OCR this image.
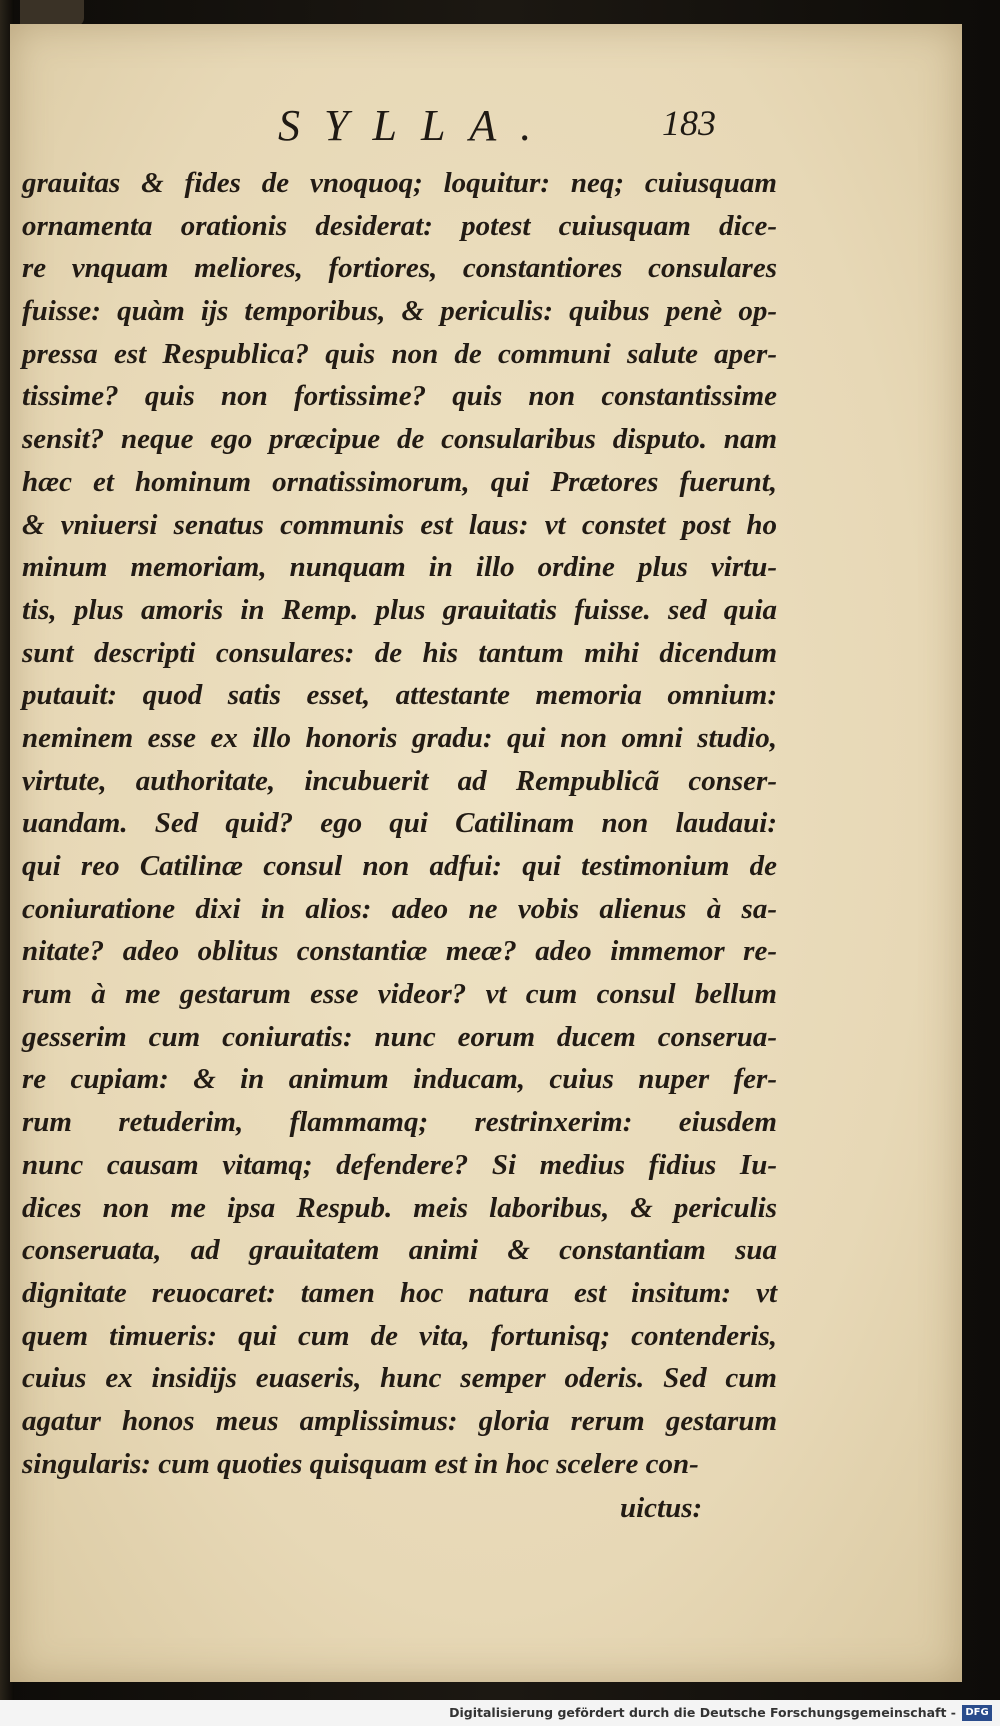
SYLLA.	183
grauitas & fides de vnoquoq; loquitur: neq; cuiusquam
ornamenta orationis desiderat: potest cuiusquam dice-
re vnquam meliores, fortiores, constantiores consulares
fuisse: quàm ijs temporibus, & periculis: quibus penè op-
pressa est Respublica? quis non de communi salute aper-
tissime? quis non fortissime? quis non constantissime
sensit? neque ego præcipue de consularibus disputo. nam
hæc et hominum ornatissimorum, qui Prætores fuerunt,
& vniuersi senatus communis est laus: vt constet post ho
minum memoriam, nunquam in illo ordine plus virtu-
tis, plus amoris in Remp. plus grauitatis fuisse. sed quia
sunt descripti consulares: de his tantum mihi dicendum
putauit: quod satis esset, attestante memoria omnium:
neminem esse ex illo honoris gradu: qui non omni studio,
virtute, authoritate, incubuerit ad Rempublicã conser-
uandam. Sed quid? ego qui Catilinam non laudaui:
qui reo Catilinæ consul non adfui: qui testimonium de
coniuratione dixi in alios: adeo ne vobis alienus à sa-
nitate? adeo oblitus constantiæ meæ? adeo immemor re-
rum à me gestarum esse videor? vt cum consul bellum
gesserim cum coniuratis: nunc eorum ducem conserua-
re cupiam: & in animum inducam, cuius nuper fer-
rum retuderim, flammamq; restrinxerim: eiusdem
nunc causam vitamq; defendere? Si medius fidius Iu-
dices non me ipsa Respub. meis laboribus, & periculis
conseruata, ad grauitatem animi & constantiam sua
dignitate reuocaret: tamen hoc natura est insitum: vt
quem timueris: qui cum de vita, fortunisq; contenderis,
cuius ex insidijs euaseris, hunc semper oderis. Sed cum
agatur honos meus amplissimus: gloria rerum gestarum
singularis: cum quoties quisquam est in hoc scelere con-
uictus:
Digitalisierung gefördert durch die Deutsche Forschungsgemeinschaft - DFG
